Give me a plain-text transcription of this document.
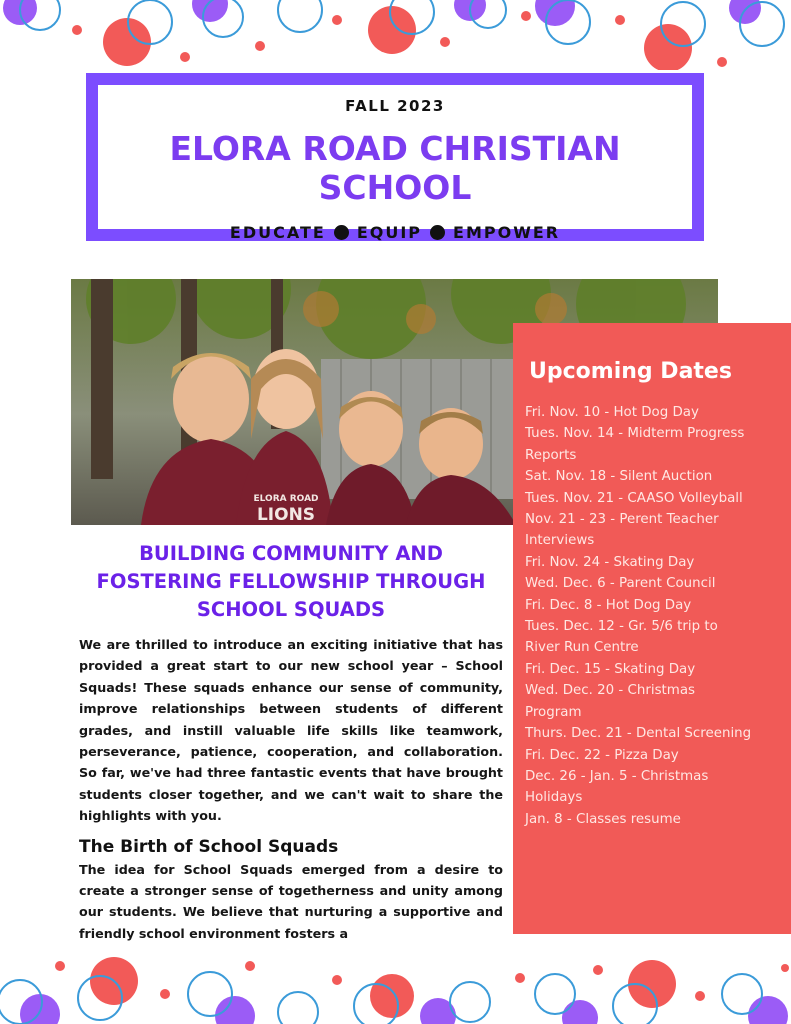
FALL 2023
ELORA ROAD CHRISTIAN SCHOOL
EDUCATE EQUIP EMPOWER
ELORA ROAD
LIONS
Upcoming Dates
Fri. Nov. 10 - Hot Dog Day
Tues. Nov. 14 - Midterm Progress
Reports
Sat. Nov. 18 - Silent Auction
Tues. Nov. 21 - CAASO Volleyball
Nov. 21 - 23 - Perent Teacher
Interviews
Fri. Nov. 24 - Skating Day
Wed. Dec. 6 - Parent Council
Fri. Dec. 8 - Hot Dog Day
Tues. Dec. 12 - Gr. 5/6 trip to
River Run Centre
Fri. Dec. 15 - Skating Day
Wed. Dec. 20 - Christmas
Program
Thurs. Dec. 21 - Dental Screening
Fri. Dec. 22 - Pizza Day
Dec. 26 - Jan. 5 - Christmas
Holidays
Jan. 8 - Classes resume
BUILDING COMMUNITY AND
FOSTERING FELLOWSHIP THROUGH
SCHOOL SQUADS

We are thrilled to introduce an exciting initiative that has provided a great start to our new school year – School Squads! These squads enhance our sense of community, improve relationships between students of different grades, and instill valuable life skills like teamwork, perseverance, patience, cooperation, and collaboration. So far, we've had three fantastic events that have brought students closer together, and we can't wait to share the highlights with you.

The Birth of School Squads

The idea for School Squads emerged from a desire to create a stronger sense of togetherness and unity among our students. We believe that nurturing a supportive and friendly school environment fosters a
